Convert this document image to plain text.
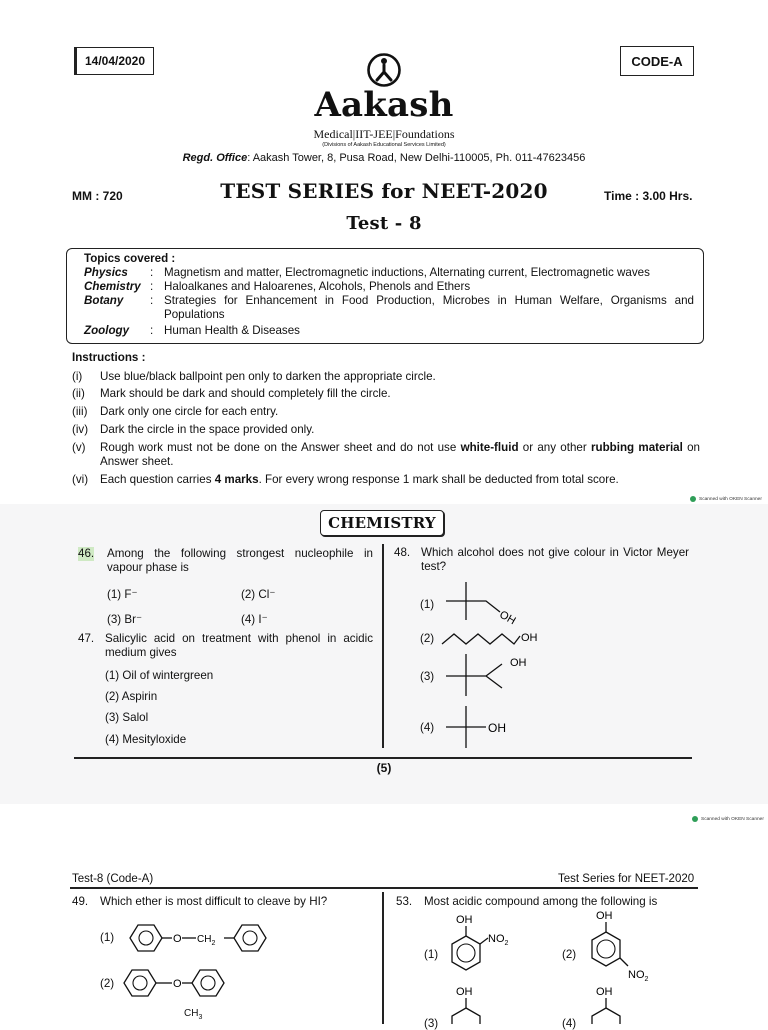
14/04/2020	CODE-A
Aakash
Medical|IIT-JEE|Foundations
(Divisions of Aakash Educational Services Limited)
Regd. Office: Aakash Tower, 8, Pusa Road, New Delhi-110005, Ph. 011-47623456
MM : 720	TEST SERIES for NEET-2020	Time : 3.00 Hrs.
Test - 8
Topics covered :
Physics	: Magnetism and matter, Electromagnetic inductions, Alternating current, Electromagnetic waves
Chemistry : Haloalkanes and Haloarenes, Alcohols, Phenols and Ethers
Botany	: Strategies for Enhancement in Food Production, Microbes in Human Welfare, Organisms and Populations
Zoology	: Human Health & Diseases
Instructions :
(i) Use blue/black ballpoint pen only to darken the appropriate circle.
(ii) Mark should be dark and should completely fill the circle.
(iii) Dark only one circle for each entry.
(iv) Dark the circle in the space provided only.
(v) Rough work must not be done on the Answer sheet and do not use white-fluid or any other rubbing material on Answer sheet.
(vi) Each question carries 4 marks. For every wrong response 1 mark shall be deducted from total score.
Scanned with OKEN Scanner
CHEMISTRY
46. Among the following strongest nucleophile in vapour phase is
(1) F⁻	(2) Cl⁻
(3) Br⁻	(4) I⁻
47. Salicylic acid on treatment with phenol in acidic medium gives
(1) Oil of wintergreen
(2) Aspirin
(3) Salol
(4) Mesityloxide
48. Which alcohol does not give colour in Victor Meyer test?
(1)
OH
(2)	OH
(3)
OH
(4)	OH
(5)
Scanned with OKEN Scanner
Test-8 (Code-A)	Test Series for NEET-2020
49. Which ether is most difficult to cleave by HI?
(1)	O $CH_2$
(2)	O
$CH_3$
53. Most acidic compound among the following is
(1)
OH
$NO_2$
(2)
OH
$NO_2$
(3)
OH
(4)
OH
